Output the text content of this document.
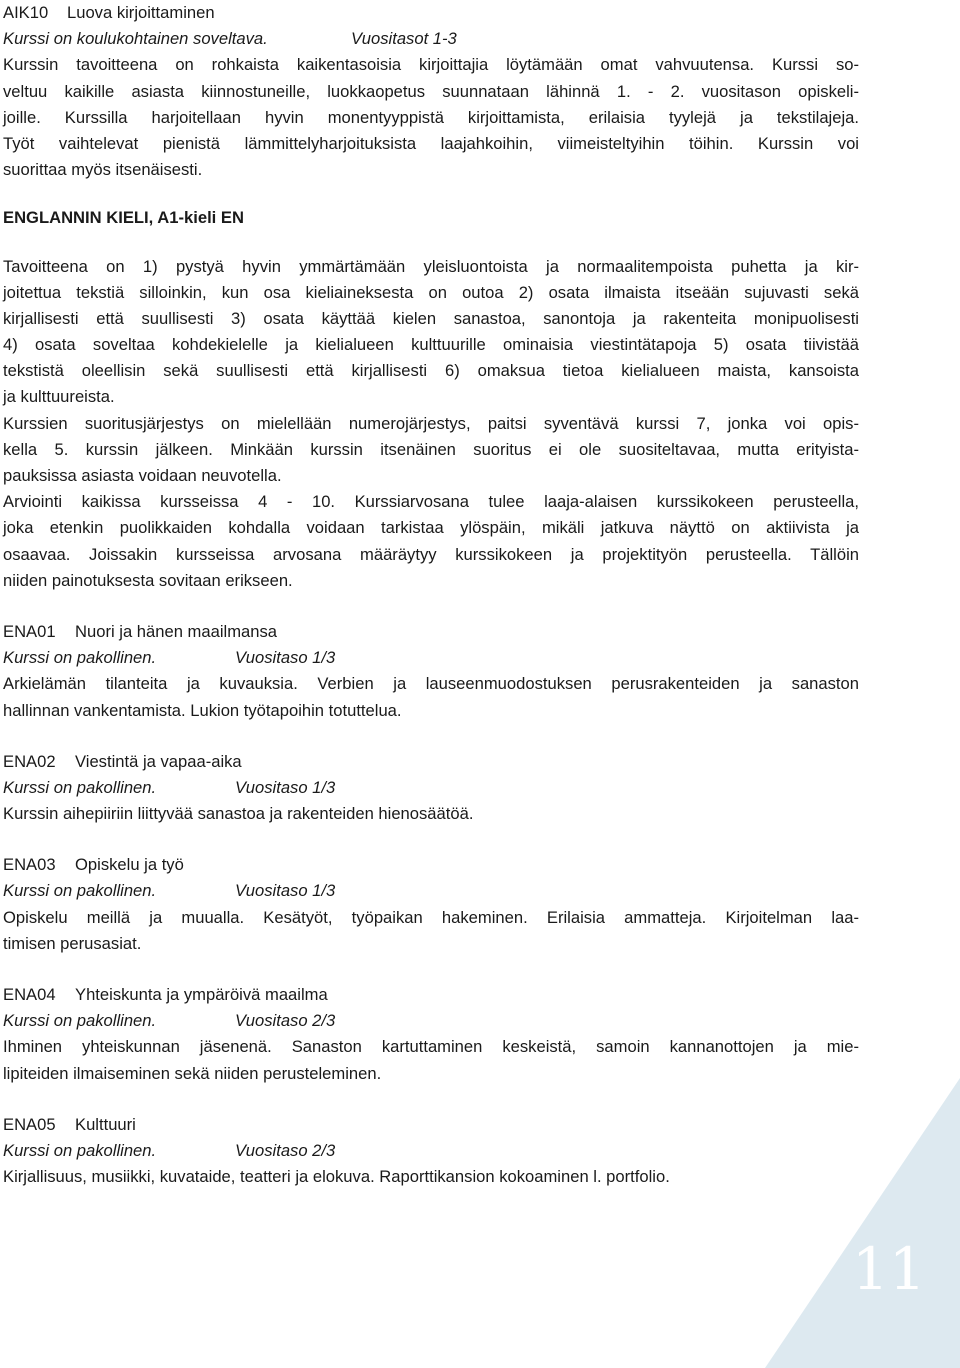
11
AIK10 Luova kirjoittaminen
Kurssi on koulukohtainen soveltava.	Vuositasot 1-3
Kurssin tavoitteena on rohkaista kaikentasoisia kirjoittajia löytämään omat vahvuutensa. Kurssi so-
veltuu kaikille asiasta kiinnostuneille, luokkaopetus suunnataan lähinnä 1. - 2. vuositason opiskeli-
joille. Kurssilla harjoitellaan hyvin monentyyppistä kirjoittamista, erilaisia tyylejä ja tekstilajeja.
Työt vaihtelevat pienistä lämmittelyharjoituksista laajahkoihin, viimeisteltyihin töihin. Kurssin voi
suorittaa myös itsenäisesti.
ENGLANNIN KIELI, A1-kieli EN
Tavoitteena on 1) pystyä hyvin ymmärtämään yleisluontoista ja normaalitempoista puhetta ja kir-
joitettua tekstiä silloinkin, kun osa kieliaineksesta on outoa 2) osata ilmaista itseään sujuvasti sekä
kirjallisesti että suullisesti 3) osata käyttää kielen sanastoa, sanontoja ja rakenteita monipuolisesti
4) osata soveltaa kohdekielelle ja kielialueen kulttuurille ominaisia viestintätapoja 5) osata tiivistää
tekstistä oleellisin sekä suullisesti että kirjallisesti 6) omaksua tietoa kielialueen maista, kansoista
ja kulttuureista.
Kurssien suoritusjärjestys on mielellään numerojärjestys, paitsi syventävä kurssi 7, jonka voi opis-
kella 5. kurssin jälkeen. Minkään kurssin itsenäinen suoritus ei ole suositeltavaa, mutta erityista-
pauksissa asiasta voidaan neuvotella.
Arviointi kaikissa kursseissa 4 - 10. Kurssiarvosana tulee laaja-alaisen kurssikokeen perusteella,
joka etenkin puolikkaiden kohdalla voidaan tarkistaa ylöspäin, mikäli jatkuva näyttö on aktiivista ja
osaavaa. Joissakin kursseissa arvosana määräytyy kurssikokeen ja projektityön perusteella. Tällöin
niiden painotuksesta sovitaan erikseen.
ENA01 Nuori ja hänen maailmansa
Kurssi on pakollinen.	Vuositaso 1/3
Arkielämän tilanteita ja kuvauksia. Verbien ja lauseenmuodostuksen perusrakenteiden ja sanaston
hallinnan vankentamista. Lukion työtapoihin totuttelua.
ENA02 Viestintä ja vapaa-aika
Kurssi on pakollinen.	Vuositaso 1/3
Kurssin aihepiiriin liittyvää sanastoa ja rakenteiden hienosäätöä.
ENA03 Opiskelu ja työ
Kurssi on pakollinen.	Vuositaso 1/3
Opiskelu meillä ja muualla. Kesätyöt, työpaikan hakeminen. Erilaisia ammatteja. Kirjoitelman laa-
timisen perusasiat.
ENA04 Yhteiskunta ja ympäröivä maailma
Kurssi on pakollinen.	Vuositaso 2/3
Ihminen yhteiskunnan jäsenenä. Sanaston kartuttaminen keskeistä, samoin kannanottojen ja mie-
lipiteiden ilmaiseminen sekä niiden perusteleminen.
ENA05 Kulttuuri
Kurssi on pakollinen.	Vuositaso 2/3
Kirjallisuus, musiikki, kuvataide, teatteri ja elokuva. Raporttikansion kokoaminen l. portfolio.
